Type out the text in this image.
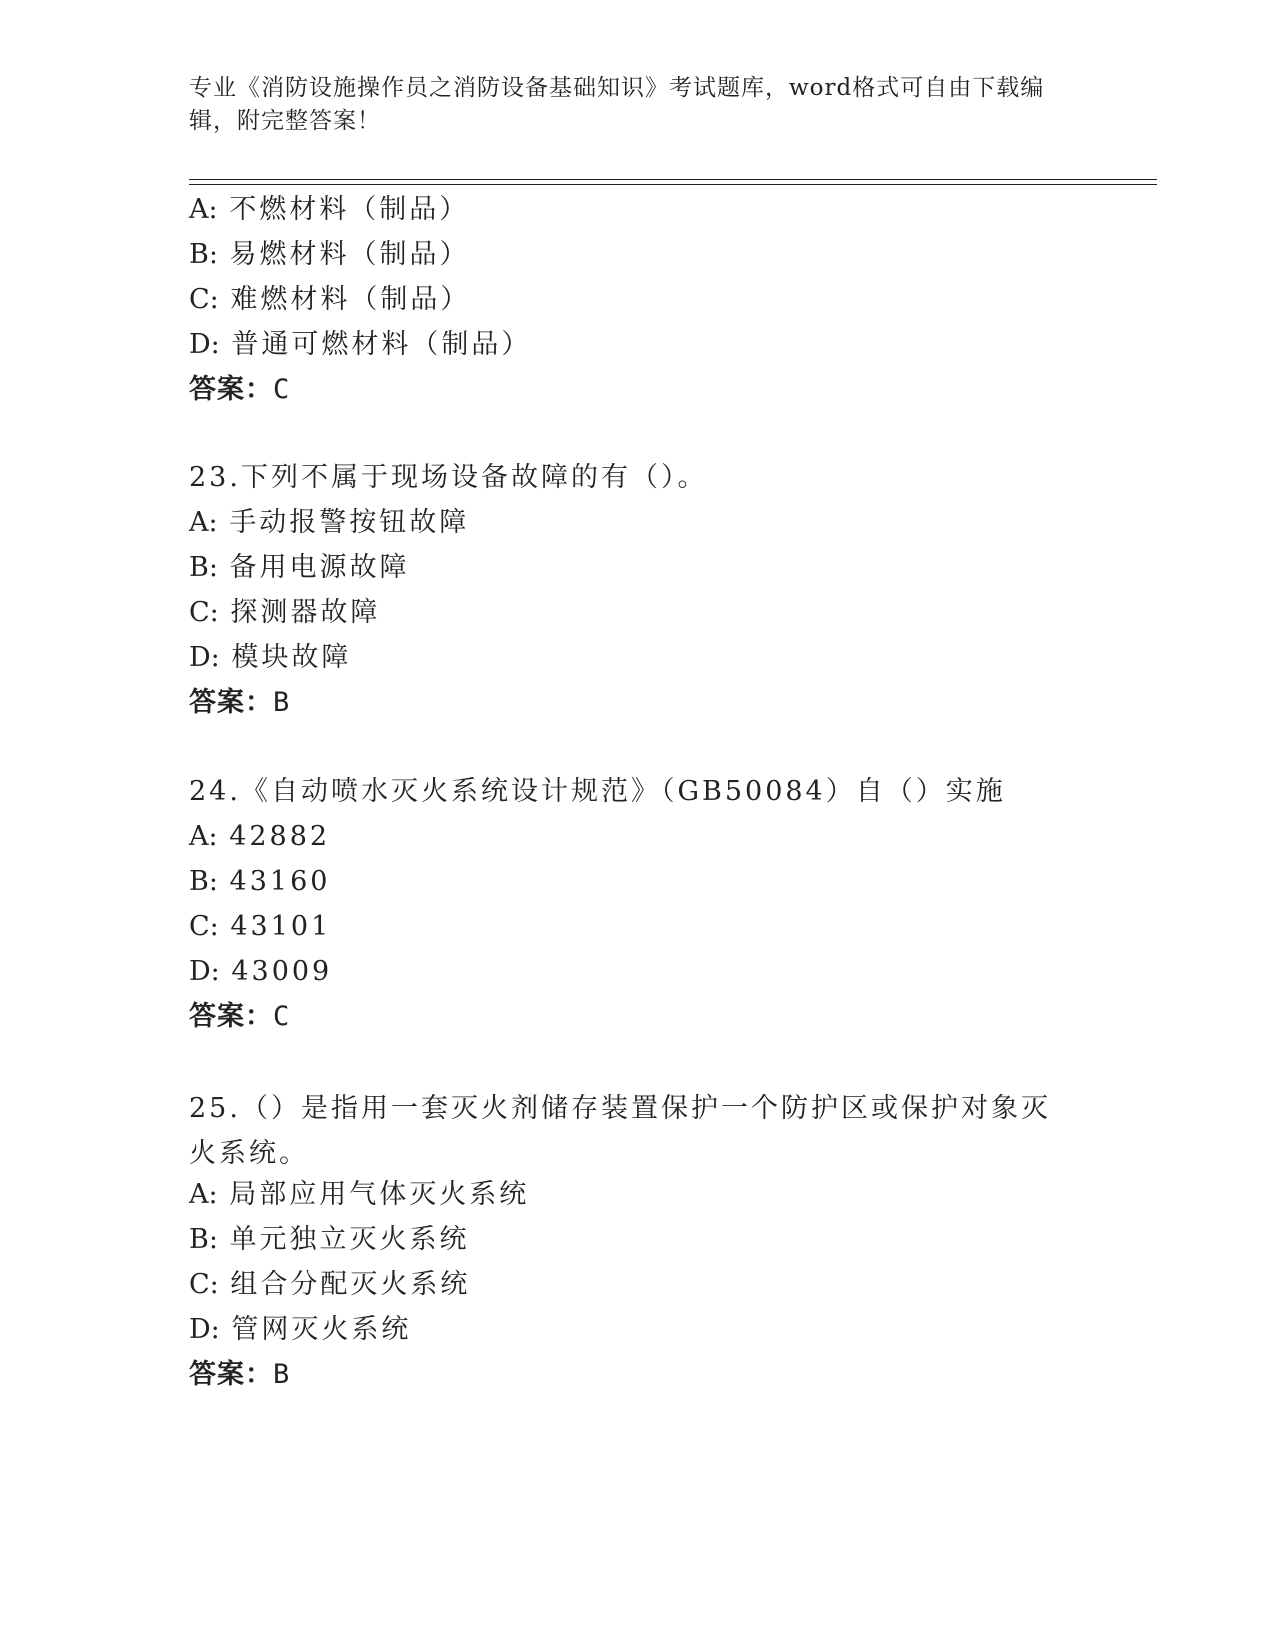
专业《消防设施操作员之消防设备基础知识》考试题库，word格式可自由下载编辑，附完整答案！
A: 不燃材料（制品）
B: 易燃材料（制品）
C: 难燃材料（制品）
D: 普通可燃材料（制品）
答案：C
23.下列不属于现场设备故障的有（）。
A: 手动报警按钮故障
B: 备用电源故障
C: 探测器故障
D: 模块故障
答案：B
24.《自动喷水灭火系统设计规范》（GB50084）自（）实施
A: 42882
B: 43160
C: 43101
D: 43009
答案：C
25.（）是指用一套灭火剂储存装置保护一个防护区或保护对象灭火系统。
A: 局部应用气体灭火系统
B: 单元独立灭火系统
C: 组合分配灭火系统
D: 管网灭火系统
答案：B
